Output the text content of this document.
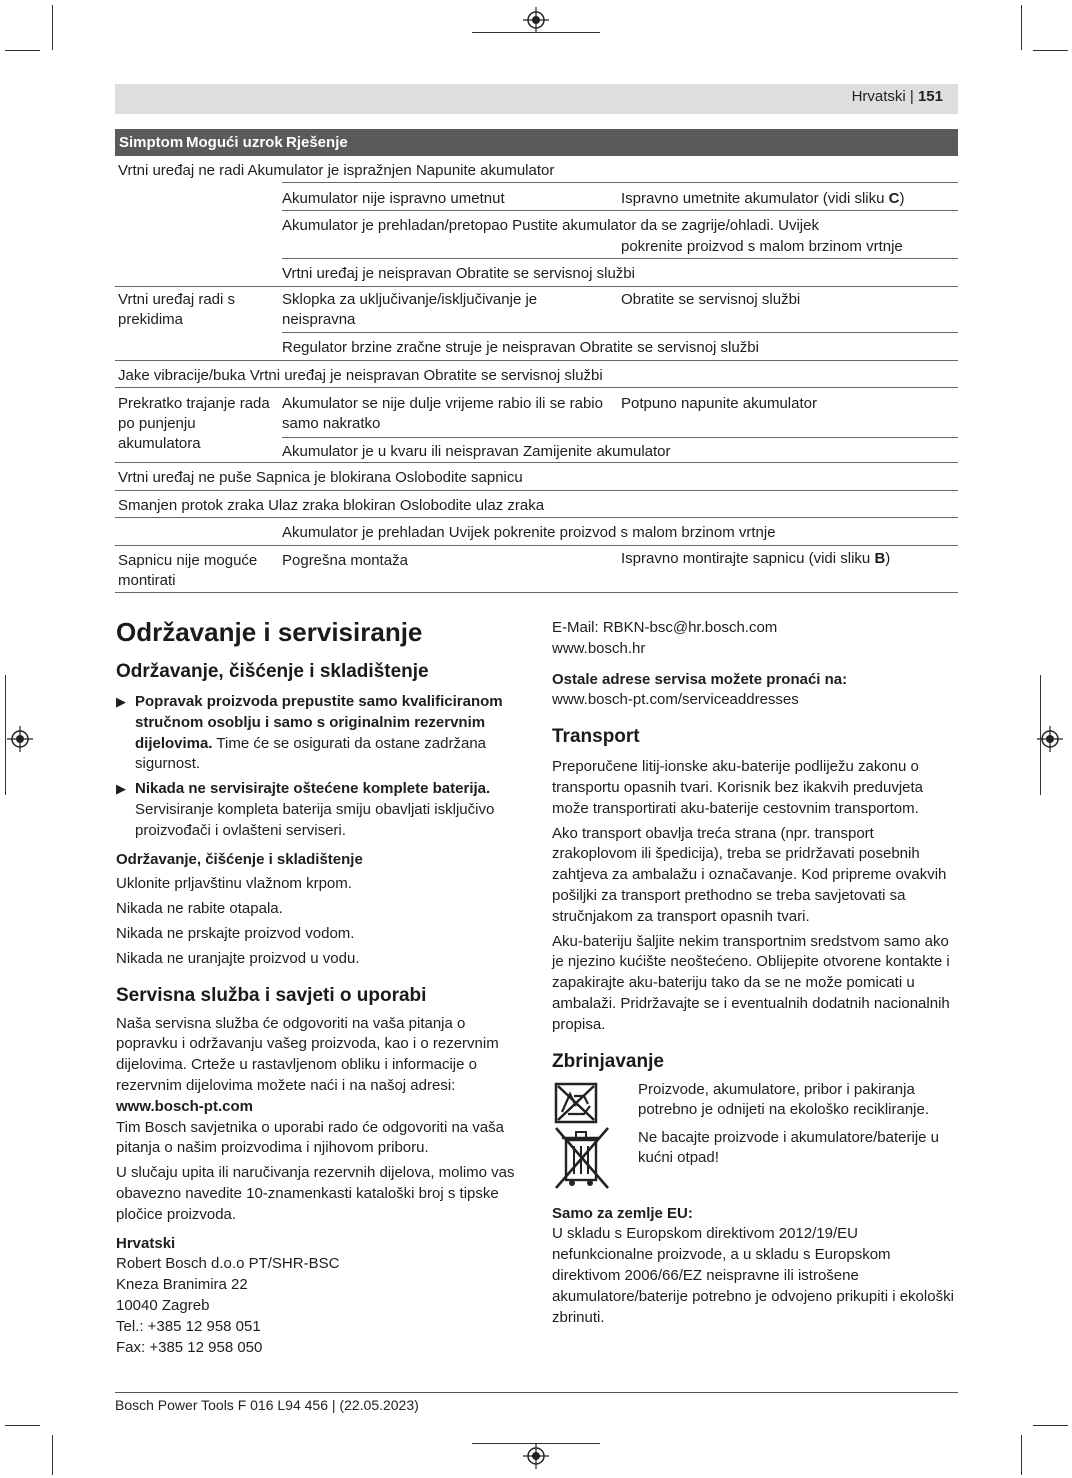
Hrvatski | 151
Simptom Mogući uzrok Rješenje
Vrtni uređaj ne radi Akumulator je ispražnjen Napunite akumulator
Akumulator nije ispravno umetnut	Ispravno umetnite akumulator (vidi sliku C)
Akumulator je prehladan/pretopao Pustite akumulator da se zagrije/ohladi. Uvijek
pokrenite proizvod s malom brzinom vrtnje
Vrtni uređaj je neispravan Obratite se servisnoj službi
Vrtni uređaj radi s
prekidima
Sklopka za uključivanje/isključivanje je
neispravna
Obratite se servisnoj službi
Regulator brzine zračne struje je neispravan Obratite se servisnoj službi
Jake vibracije/buka Vrtni uređaj je neispravan Obratite se servisnoj službi
Prekratko trajanje rada
po punjenju
akumulatora
Akumulator se nije dulje vrijeme rabio ili se rabio
samo nakratko
Potpuno napunite akumulator
Akumulator je u kvaru ili neispravan Zamijenite akumulator
Vrtni uređaj ne puše Sapnica je blokirana Oslobodite sapnicu
Smanjen protok zraka Ulaz zraka blokiran Oslobodite ulaz zraka
Akumulator je prehladan Uvijek pokrenite proizvod s malom brzinom vrtnje
Sapnicu nije moguće
montirati
Pogrešna montaža	Ispravno montirajte sapnicu (vidi sliku B)
Održavanje i servisiranje
Održavanje, čišćenje i skladištenje

▶ Popravak proizvoda prepustite samo kvalificiranom stručnom osoblju i samo s originalnim rezervnim dijelovima. Time će se osigurati da ostane zadržana sigurnost.

▶ Nikada ne servisirajte oštećene komplete baterija. Servisiranje kompleta baterija smiju obavljati isključivo proizvođači i ovlašteni serviseri.

Održavanje, čišćenje i skladištenje

Uklonite prljavštinu vlažnom krpom.

Nikada ne rabite otapala.

Nikada ne prskajte proizvod vodom.

Nikada ne uranjajte proizvod u vodu.

Servisna služba i savjeti o uporabi

Naša servisna služba će odgovoriti na vaša pitanja o popravku i održavanju vašeg proizvoda, kao i o rezervnim dijelovima. Crteže u rastavljenom obliku i informacije o rezervnim dijelovima možete naći i na našoj adresi:

www.bosch-pt.com

Tim Bosch savjetnika o uporabi rado će odgovoriti na vaša pitanja o našim proizvodima i njihovom priboru.

U slučaju upita ili naručivanja rezervnih dijelova, molimo vas obavezno navedite 10-znamenkasti kataloški broj s tipske pločice proizvoda.

Hrvatski

Robert Bosch d.o.o PT/SHR-BSC
Kneza Branimira 22
10040 Zagreb
Tel.: +385 12 958 051
Fax: +385 12 958 050
E-Mail: RBKN-bsc@hr.bosch.com
www.bosch.hr

Ostale adrese servisa možete pronaći na:

www.bosch-pt.com/serviceaddresses

Transport

Preporučene litij-ionske aku-baterije podliježu zakonu o transportu opasnih tvari. Korisnik bez ikakvih preduvjeta može transportirati aku-baterije cestovnim transportom.

Ako transport obavlja treća strana (npr. transport zrakoplovom ili špedicija), treba se pridržavati posebnih zahtjeva za ambalažu i označavanje. Kod pripreme ovakvih pošiljki za transport prethodno se treba savjetovati sa stručnjakom za transport opasnih tvari.

Aku-bateriju šaljite nekim transportnim sredstvom samo ako je njezino kućište neoštećeno. Oblijepite otvorene kontakte i zapakirajte aku-bateriju tako da se ne može pomicati u ambalaži. Pridržavajte se i eventualnih dodatnih nacionalnih propisa.

Zbrinjavanje
Proizvode, akumulatore, pribor i pakiranja potrebno je odnijeti na ekološko recikliranje.
Ne bacajte proizvode i akumulatore/baterije u kućni otpad!

Samo za zemlje EU:

U skladu s Europskom direktivom 2012/19/EU nefunkcionalne proizvode, a u skladu s Europskom direktivom 2006/66/EZ neispravne ili istrošene akumulatore/baterije potrebno je odvojeno prikupiti i ekološki zbrinuti.

Bosch Power Tools F 016 L94 456 | (22.05.2023)
